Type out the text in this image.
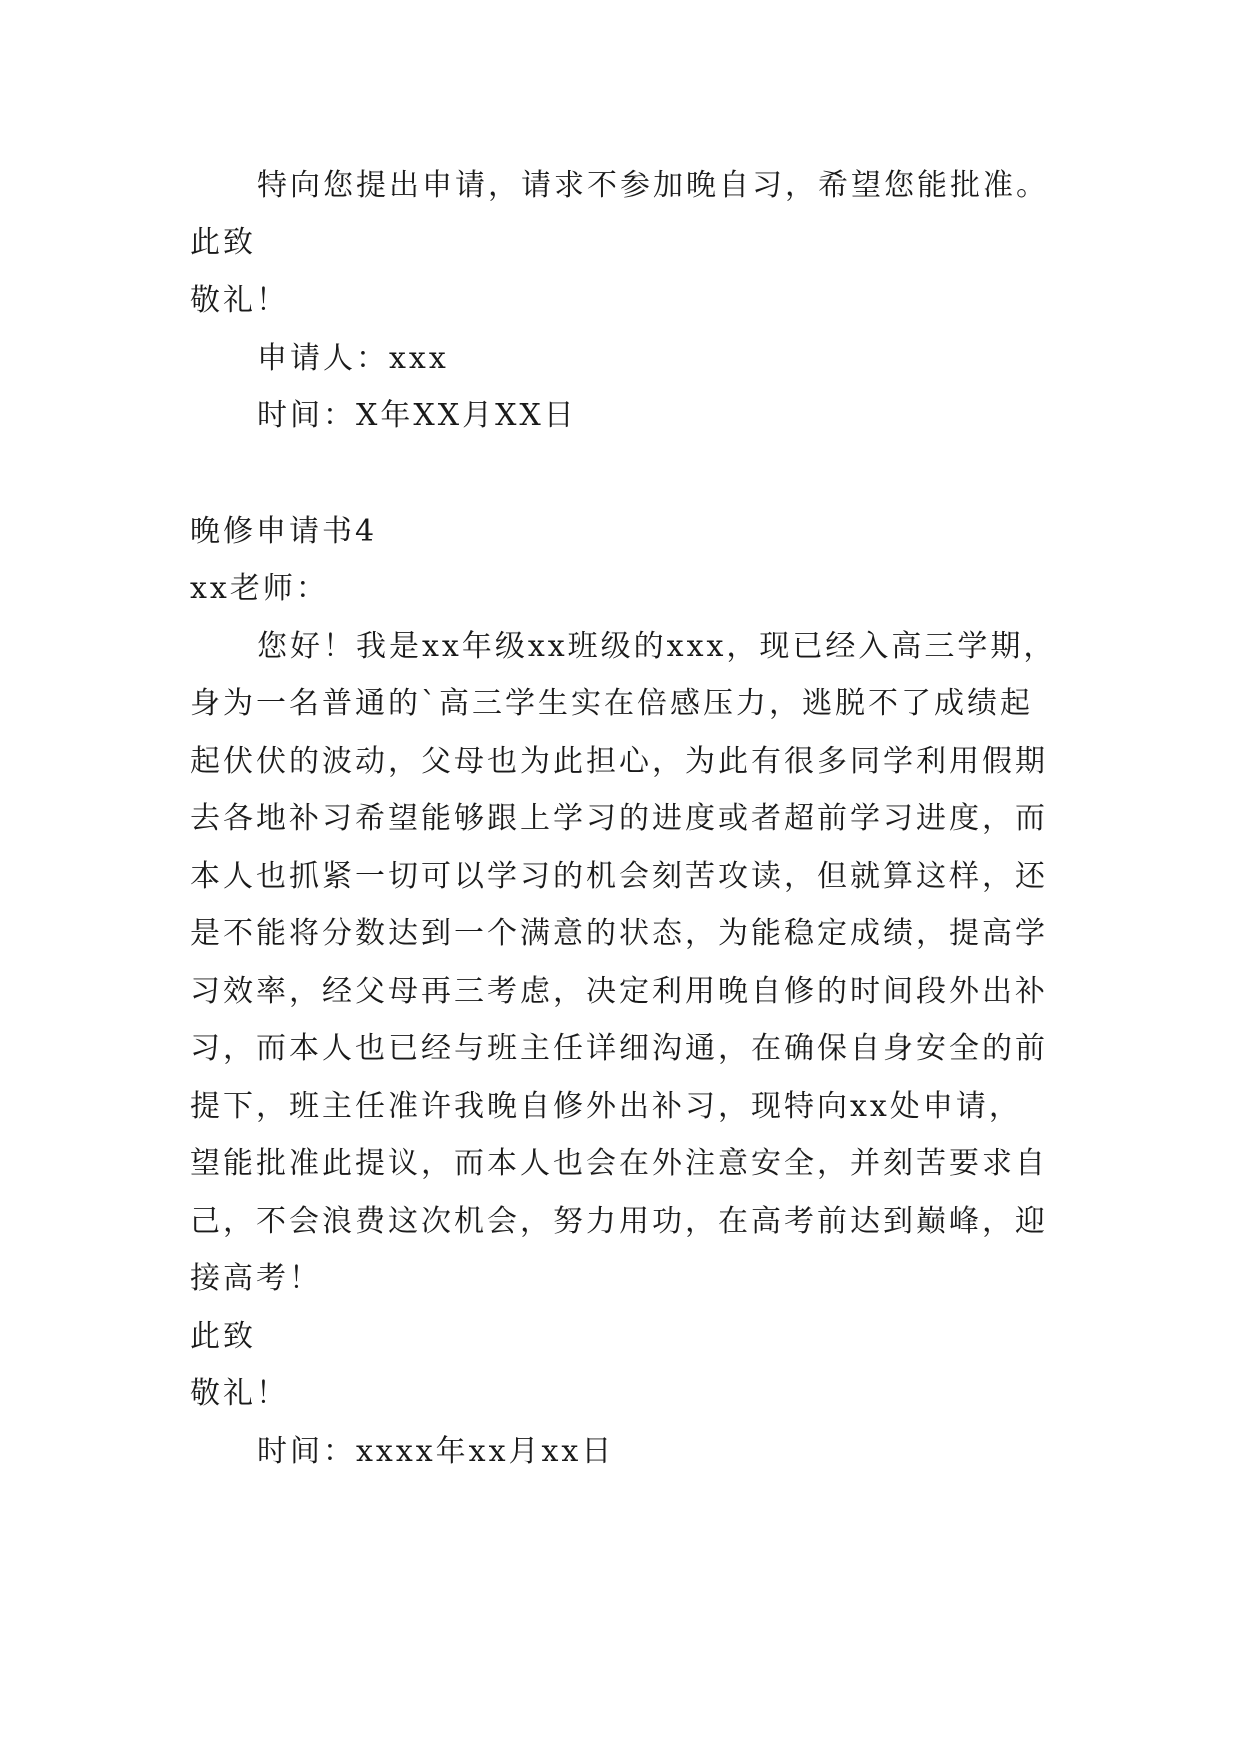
特向您提出申请，请求不参加晚自习，希望您能批准。
此致
敬礼！
申请人：xxx
时间：X年XX月XX日
晚修申请书4
xx老师：
您好！我是xx年级xx班级的xxx，现已经入高三学期，
身为一名普通的`高三学生实在倍感压力，逃脱不了成绩起
起伏伏的波动，父母也为此担心，为此有很多同学利用假期
去各地补习希望能够跟上学习的进度或者超前学习进度，而
本人也抓紧一切可以学习的机会刻苦攻读，但就算这样，还
是不能将分数达到一个满意的状态，为能稳定成绩，提高学
习效率，经父母再三考虑，决定利用晚自修的时间段外出补
习，而本人也已经与班主任详细沟通，在确保自身安全的前
提下，班主任准许我晚自修外出补习，现特向xx处申请，
望能批准此提议，而本人也会在外注意安全，并刻苦要求自
己，不会浪费这次机会，努力用功，在高考前达到巅峰，迎
接高考！
此致
敬礼！
时间：xxxx年xx月xx日
